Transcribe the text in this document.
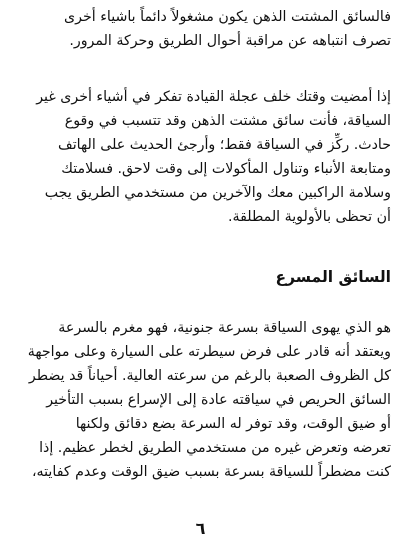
فالسائق المشتت الذهن يكون مشغولاً دائماً باشياء أخرى
تصرف انتباهه عن مراقبة أحوال الطريق وحركة المرور.

إذا أمضيت وقتك خلف عجلة القيادة تفكر في أشياء أخرى غير
السياقة، فأنت سائق مشتت الذهن وقد تتسبب في وقوع
حادث. ركِّز في السياقة فقط؛ وأرجئ الحديث على الهاتف
ومتابعة الأنباء وتناول المأكولات إلى وقت لاحق. فسلامتك
وسلامة الراكبين معك والآخرين من مستخدمي الطريق يجب
أن تحظى بالأولوية المطلقة.

السائق المسرع

هو الذي يهوى السياقة بسرعة جنونية، فهو مغرم بالسرعة
ويعتقد أنه قادر على فرض سيطرته على السيارة وعلى مواجهة
كل الظروف الصعبة بالرغم من سرعته العالية. أحياناً قد يضطر
السائق الحريص في سياقته عادة إلى الإسراع بسبب التأخير
أو ضيق الوقت، وقد توفر له السرعة بضع دقائق ولكنها
تعرضه وتعرض غيره من مستخدمي الطريق لخطر عظيم. إذا
كنت مضطراً للسياقة بسرعة بسبب ضيق الوقت وعدم كفايته،

٦
